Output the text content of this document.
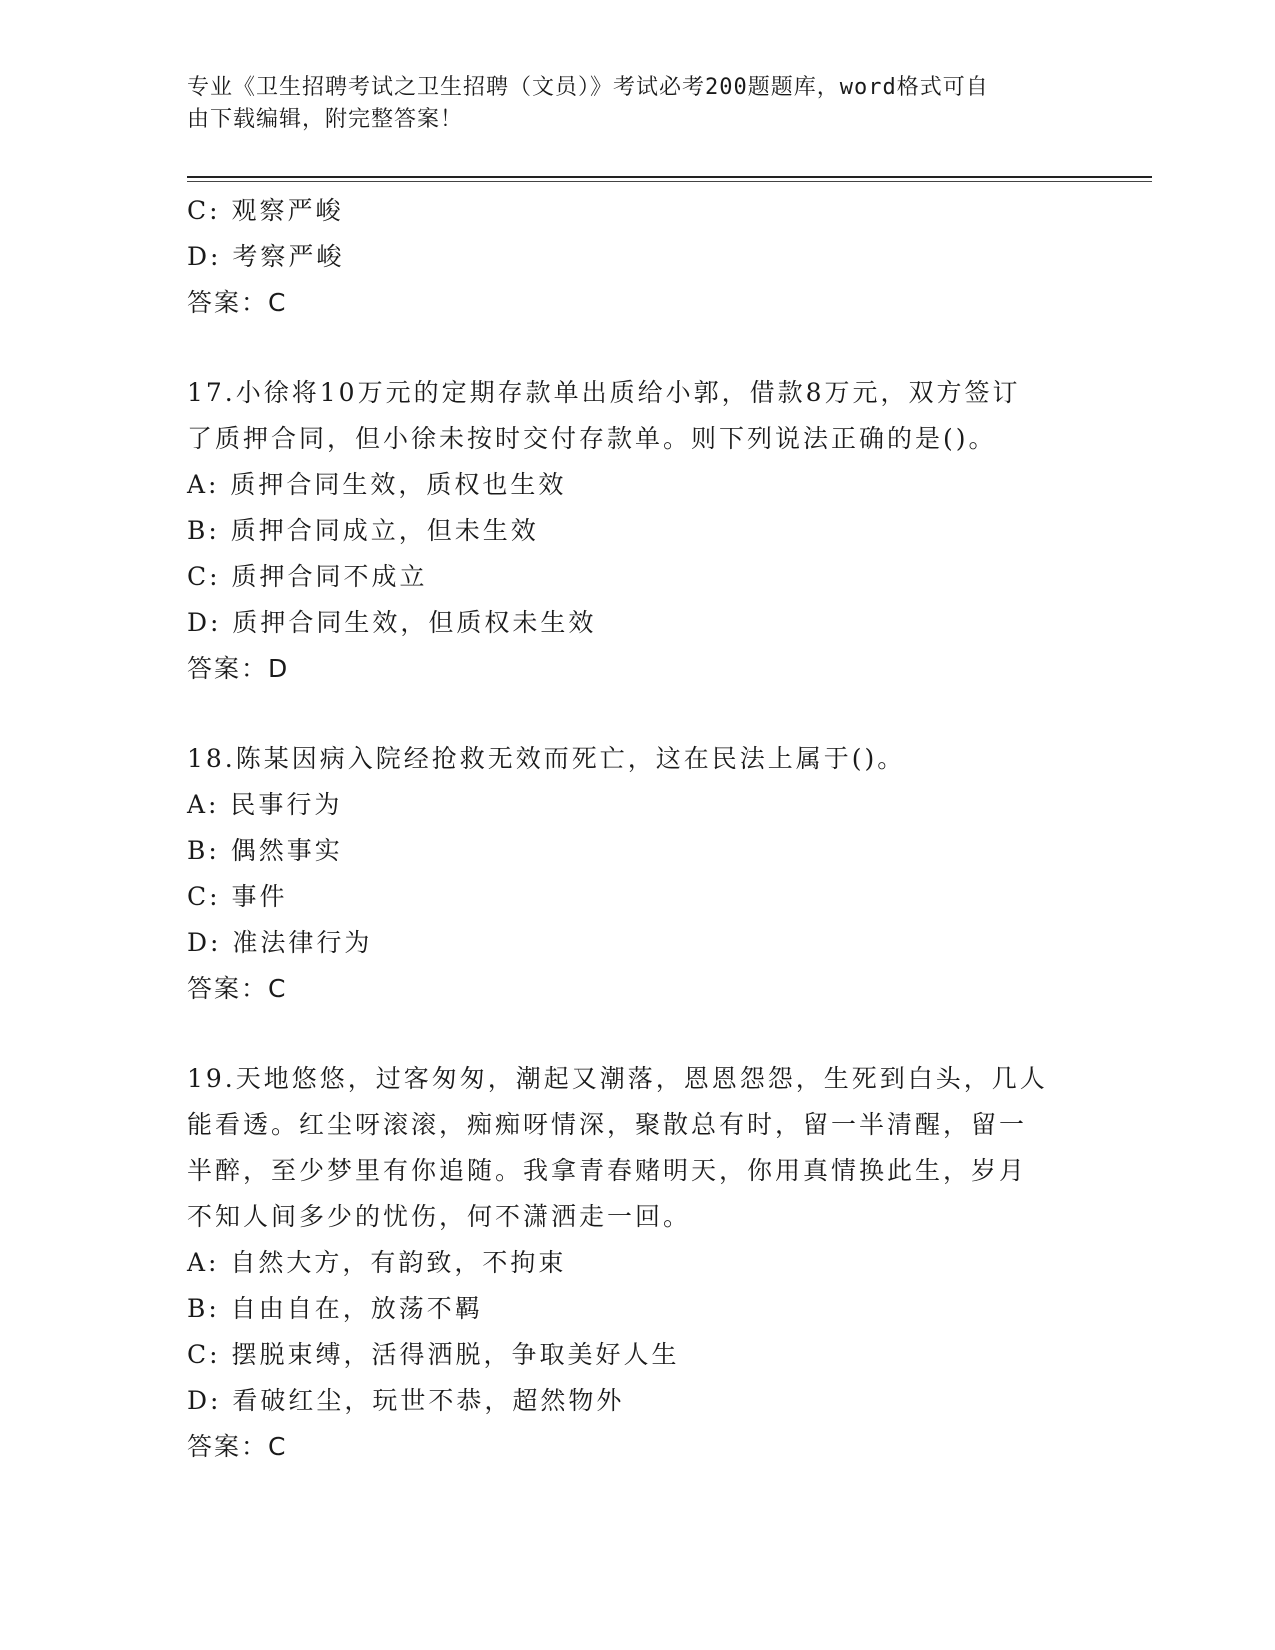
专业《卫生招聘考试之卫生招聘（文员）》考试必考200题题库，word格式可自
由下载编辑，附完整答案！
C: 观察严峻
D: 考察严峻
答案：C
17.小徐将10万元的定期存款单出质给小郭，借款8万元，双方签订
了质押合同，但小徐未按时交付存款单。则下列说法正确的是()。
A: 质押合同生效，质权也生效
B: 质押合同成立，但未生效
C: 质押合同不成立
D: 质押合同生效，但质权未生效
答案：D
18.陈某因病入院经抢救无效而死亡，这在民法上属于()。
A: 民事行为
B: 偶然事实
C: 事件
D: 准法律行为
答案：C
19.天地悠悠，过客匆匆，潮起又潮落，恩恩怨怨，生死到白头，几人
能看透。红尘呀滚滚，痴痴呀情深，聚散总有时，留一半清醒，留一
半醉，至少梦里有你追随。我拿青春赌明天，你用真情换此生，岁月
不知人间多少的忧伤，何不潇洒走一回。
A: 自然大方，有韵致，不拘束
B: 自由自在，放荡不羁
C: 摆脱束缚，活得洒脱，争取美好人生
D: 看破红尘，玩世不恭，超然物外
答案：C
